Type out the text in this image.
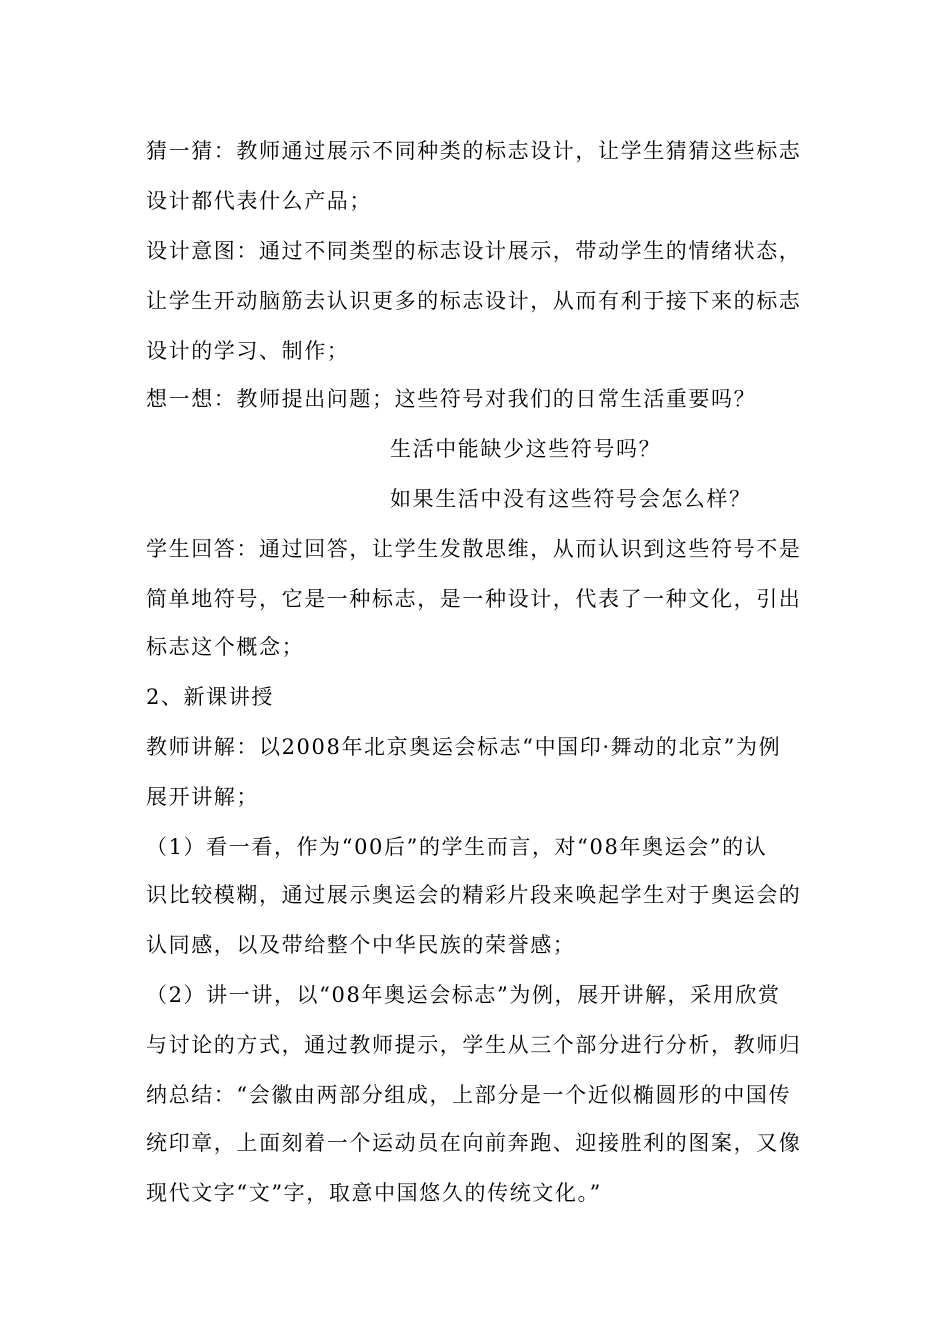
猜一猜：教师通过展示不同种类的标志设计，让学生猜猜这些标志
设计都代表什么产品；
设计意图：通过不同类型的标志设计展示，带动学生的情绪状态，
让学生开动脑筋去认识更多的标志设计，从而有利于接下来的标志
设计的学习、制作；
想一想：教师提出问题；这些符号对我们的日常生活重要吗？
生活中能缺少这些符号吗？
如果生活中没有这些符号会怎么样？
学生回答：通过回答，让学生发散思维，从而认识到这些符号不是
简单地符号，它是一种标志，是一种设计，代表了一种文化，引出
标志这个概念；
2、新课讲授
教师讲解：以2008年北京奥运会标志“中国印·舞动的北京”为例
展开讲解；
（1）看一看，作为“00后”的学生而言，对“08年奥运会”的认
识比较模糊，通过展示奥运会的精彩片段来唤起学生对于奥运会的
认同感，以及带给整个中华民族的荣誉感；
（2）讲一讲，以“08年奥运会标志”为例，展开讲解，采用欣赏
与讨论的方式，通过教师提示，学生从三个部分进行分析，教师归
纳总结：“会徽由两部分组成，上部分是一个近似椭圆形的中国传
统印章，上面刻着一个运动员在向前奔跑、迎接胜利的图案，又像
现代文字“文”字，取意中国悠久的传统文化。”
